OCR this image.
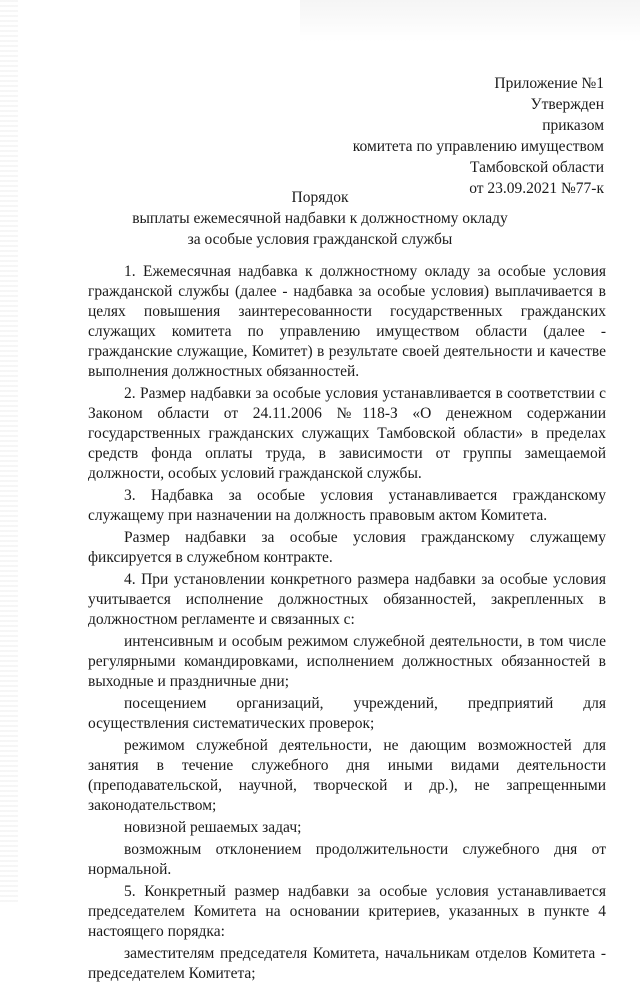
Приложение №1
Утвержден
приказом
комитета по управлению имуществом
Тамбовской области
от 23.09.2021 №77-к
Порядок
выплаты ежемесячной надбавки к должностному окладу
за особые условия гражданской службы

1. Ежемесячная надбавка к должностному окладу за особые условия гражданской службы (далее - надбавка за особые условия) выплачивается в целях повышения заинтересованности государственных гражданских служащих комитета по управлению имуществом области (далее - гражданские служащие, Комитет) в результате своей деятельности и качестве выполнения должностных обязанностей.

2. Размер надбавки за особые условия устанавливается в соответствии с Законом области от 24.11.2006 №118-З «О денежном содержании государственных гражданских служащих Тамбовской области» в пределах средств фонда оплаты труда, в зависимости от группы замещаемой должности, особых условий гражданской службы.

3. Надбавка за особые условия устанавливается гражданскому служащему при назначении на должность правовым актом Комитета.

Размер надбавки за особые условия гражданскому служащему фиксируется в служебном контракте.

4. При установлении конкретного размера надбавки за особые условия учитывается исполнение должностных обязанностей, закрепленных в должностном регламенте и связанных с:

интенсивным и особым режимом служебной деятельности, в том числе регулярными командировками, исполнением должностных обязанностей в выходные и праздничные дни;

посещением организаций, учреждений, предприятий для осуществления систематических проверок;

режимом служебной деятельности, не дающим возможностей для занятия в течение служебного дня иными видами деятельности (преподавательской, научной, творческой и др.), не запрещенными законодательством;

новизной решаемых задач;

возможным отклонением продолжительности служебного дня от нормальной.

5. Конкретный размер надбавки за особые условия устанавливается председателем Комитета на основании критериев, указанных в пункте 4 настоящего порядка:

заместителям председателя Комитета, начальникам отделов Комитета - председателем Комитета;
